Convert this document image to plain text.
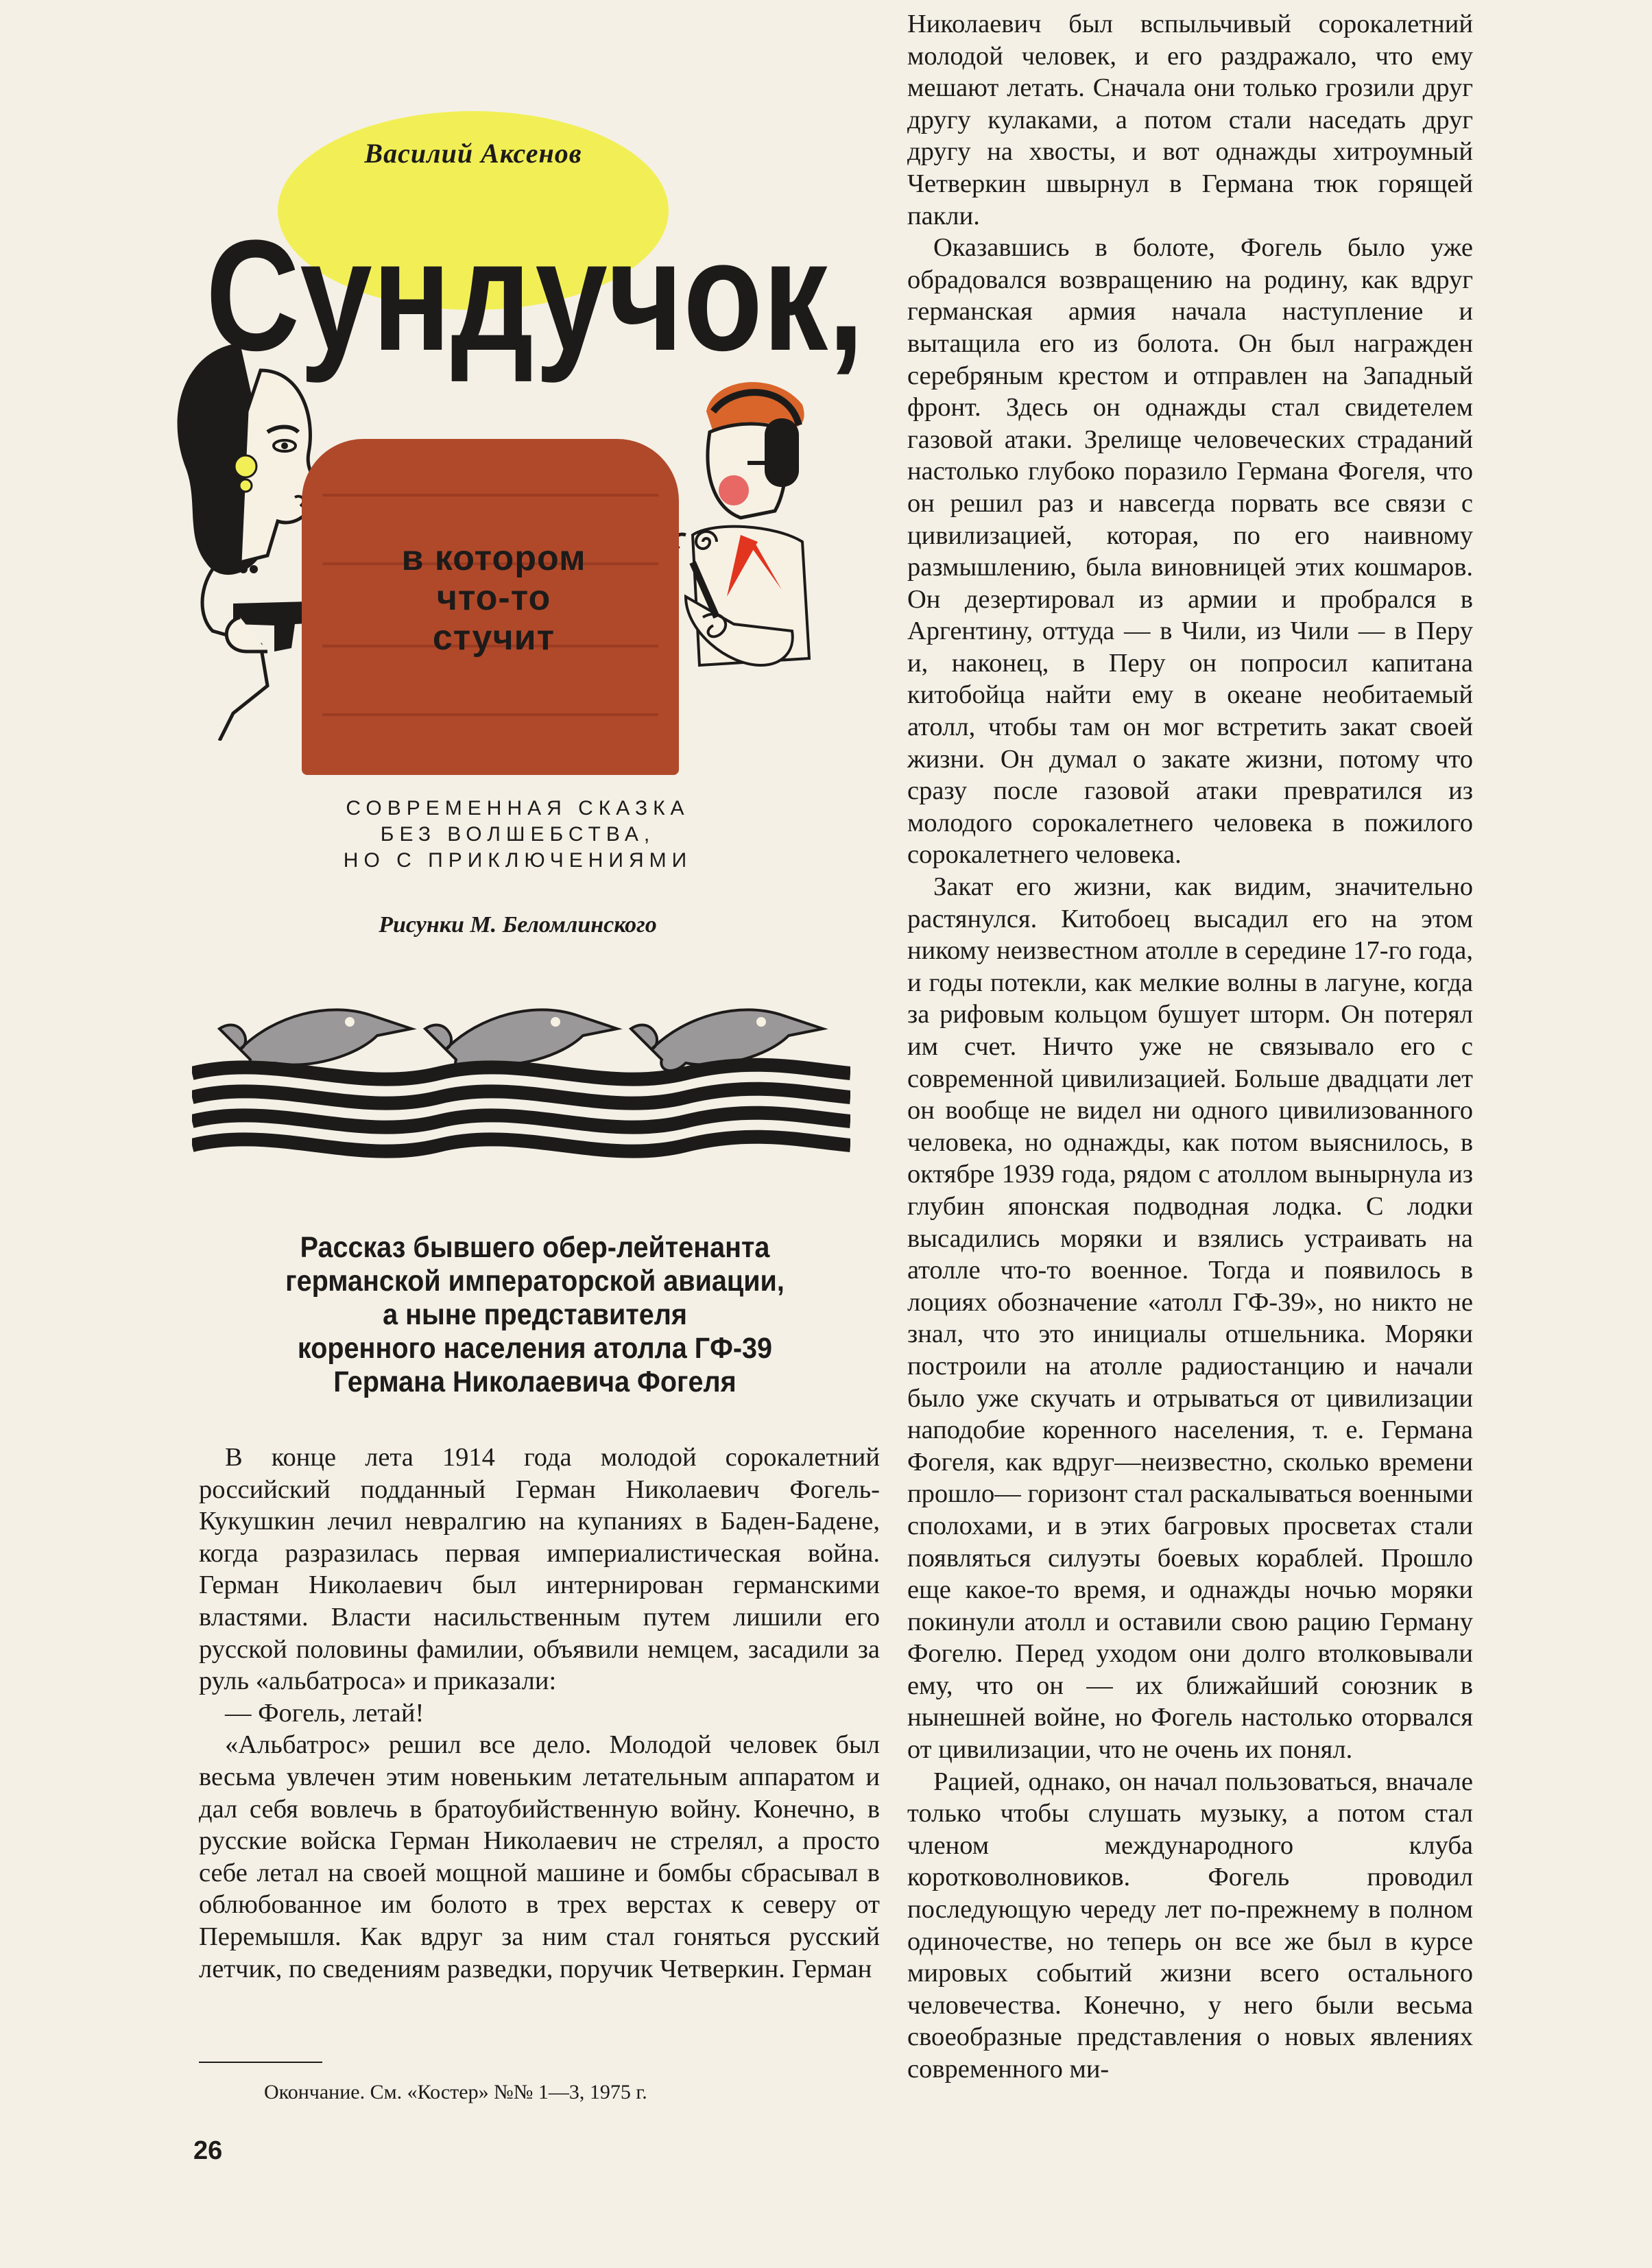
Василий Аксенов
Сундучок,
в котором
что-то
стучит
СОВРЕМЕННАЯ СКАЗКА
БЕЗ ВОЛШЕБСТВА,
НО С ПРИКЛЮЧЕНИЯМИ
Рисунки М. Беломлинского
Рассказ бывшего обер-лейтенанта
германской императорской авиации,
а ныне представителя
коренного населения атолла ГФ-39
Германа Николаевича Фогеля

В конце лета 1914 года молодой сорокалетний российский подданный Герман Николаевич Фогель-Кукушкин лечил невралгию на купаниях в Баден-Бадене, когда разразилась первая империалистическая война. Герман Николаевич был интернирован германскими властями. Власти насильственным путем лишили его русской половины фамилии, объявили немцем, засадили за руль «альбатроса» и приказали:

— Фогель, летай!

«Альбатрос» решил все дело. Молодой человек был весьма увлечен этим новеньким летательным аппаратом и дал себя вовлечь в братоубийственную войну. Конечно, в русские войска Герман Николаевич не стрелял, а просто себе летал на своей мощной машине и бомбы сбрасывал в облюбованное им болото в трех верстах к северу от Перемышля. Как вдруг за ним стал гоняться русский летчик, по сведениям разведки, поручик Четверкин. Герман

Николаевич был вспыльчивый сорокалетний молодой человек, и его раздражало, что ему мешают летать. Сначала они только грозили друг другу кулаками, а потом стали наседать друг другу на хвосты, и вот однажды хитроумный Четверкин швырнул в Германа тюк горящей пакли.

Оказавшись в болоте, Фогель было уже обрадовался возвращению на родину, как вдруг германская армия начала наступление и вытащила его из болота. Он был награжден серебряным крестом и отправлен на Западный фронт. Здесь он однажды стал свидетелем газовой атаки. Зрелище человеческих страданий настолько глубоко поразило Германа Фогеля, что он решил раз и навсегда порвать все связи с цивилизацией, которая, по его наивному размышлению, была виновницей этих кошмаров. Он дезертировал из армии и пробрался в Аргентину, оттуда — в Чили, из Чили — в Перу и, наконец, в Перу он попросил капитана китобойца найти ему в океане необитаемый атолл, чтобы там он мог встретить закат своей жизни. Он думал о закате жизни, потому что сразу после газовой атаки превратился из молодого сорокалетнего человека в пожилого сорокалетнего человека.

Закат его жизни, как видим, значительно растянулся. Китобоец высадил его на этом никому неизвестном атолле в середине 17-го года, и годы потекли, как мелкие волны в лагуне, когда за рифовым кольцом бушует шторм. Он потерял им счет. Ничто уже не связывало его с современной цивилизацией. Больше двадцати лет он вообще не видел ни одного цивилизованного человека, но однажды, как потом выяснилось, в октябре 1939 года, рядом с атоллом вынырнула из глубин японская подводная лодка. С лодки высадились моряки и взялись устраивать на атолле что-то военное. Тогда и появилось в лоциях обозначение «атолл ГФ-39», но никто не знал, что это инициалы отшельника. Моряки построили на атолле радиостанцию и начали было уже скучать и отрываться от цивилизации наподобие коренного населения, т. е. Германа Фогеля, как вдруг—неизвестно, сколько времени прошло— горизонт стал раскалываться военными сполохами, и в этих багровых просветах стали появляться силуэты боевых кораблей. Прошло еще какое-то время, и однажды ночью моряки покинули атолл и оставили свою рацию Герману Фогелю. Перед уходом они долго втолковывали ему, что он — их ближайший союзник в нынешней войне, но Фогель настолько оторвался от цивилизации, что не очень их понял.

Рацией, однако, он начал пользоваться, вначале только чтобы слушать музыку, а потом стал членом международного клуба коротковолновиков. Фогель проводил последующую череду лет по-прежнему в полном одиночестве, но теперь он все же был в курсе мировых событий жизни всего остального человечества. Конечно, у него были весьма своеобразные представления о новых явлениях современного ми-

Окончание. См. «Костер» №№ 1—3, 1975 г.
26
